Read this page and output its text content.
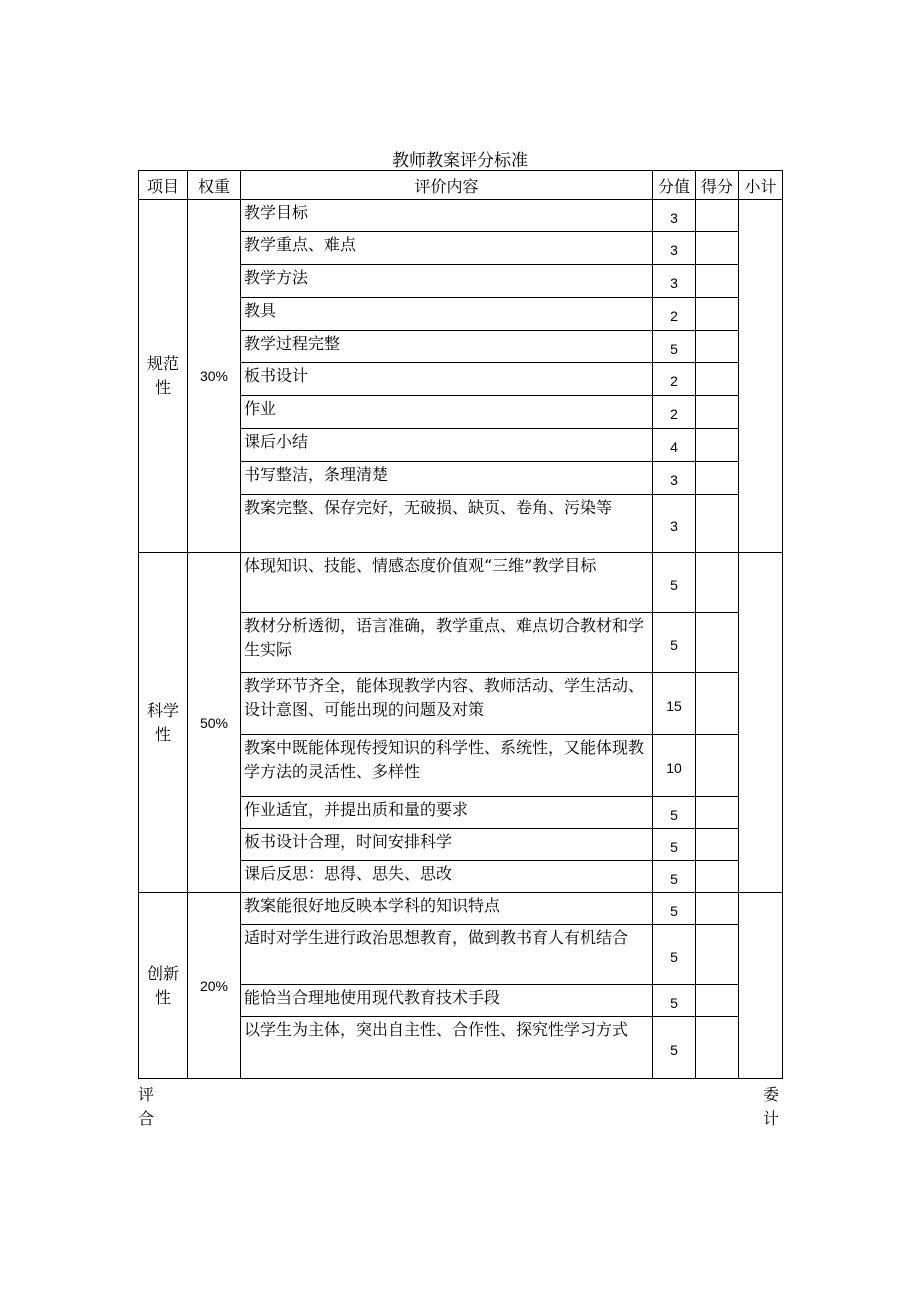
教师教案评分标准
项目	权重	评价内容	分值	得分	小计

规范
性	30%	教学目标	3		
		教学重点、难点	3		
		教学方法	3		
		教具	2		
		教学过程完整	5		
		板书设计	2		
		作业	2		
		课后小结	4		
		书写整洁，条理清楚	3		
		教案完整、保存完好，无破损、缺页、卷角、污染等	3		

科学
性	50%	体现知识、技能、情感态度价值观“三维”教学目标	5		
		教材分析透彻，语言准确，教学重点、难点切合教材和学生实际	5		
		教学环节齐全，能体现教学内容、教师活动、学生活动、设计意图、可能出现的问题及对策	15		
		教案中既能体现传授知识的科学性、系统性，又能体现教学方法的灵活性、多样性	10		
		作业适宜，并提出质和量的要求	5		
		板书设计合理，时间安排科学	5		
		课后反思：思得、思失、思改	5		

创新
性	20%	教案能很好地反映本学科的知识特点	5		
		适时对学生进行政治思想教育，做到教书育人有机结合	5		
		能恰当合理地使用现代教育技术手段	5		
		以学生为主体，突出自主性、合作性、探究性学习方式	5		
评
合
委
计
